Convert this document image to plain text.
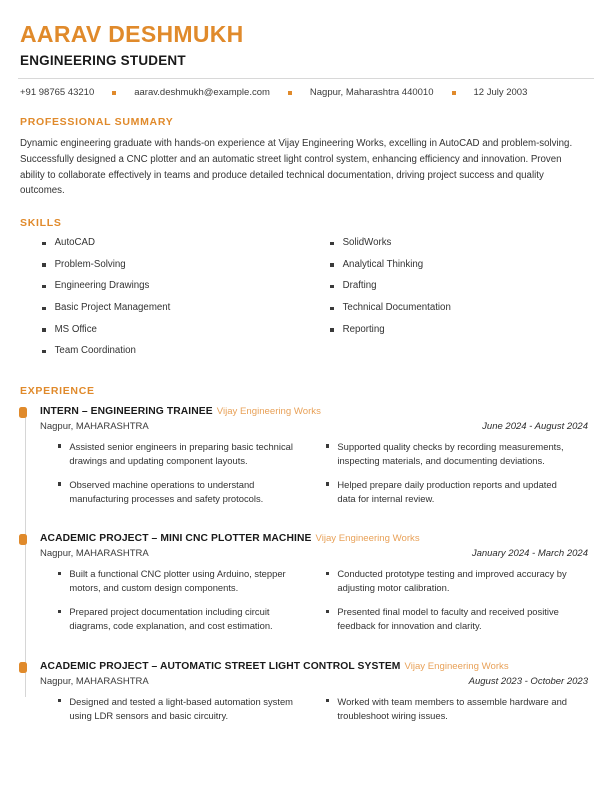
AARAV DESHMUKH
ENGINEERING STUDENT
+91 98765 43210	aarav.deshmukh@example.com	Nagpur, Maharashtra 440010	12 July 2003
PROFESSIONAL SUMMARY
Dynamic engineering graduate with hands-on experience at Vijay Engineering Works, excelling in AutoCAD and problem-solving. Successfully designed a CNC plotter and an automatic street light control system, enhancing efficiency and innovation. Proven ability to collaborate effectively in teams and produce detailed technical documentation, driving project success and quality outcomes.
SKILLS
AutoCAD
Problem-Solving
Engineering Drawings
Basic Project Management
MS Office
Team Coordination
SolidWorks
Analytical Thinking
Drafting
Technical Documentation
Reporting
EXPERIENCE
INTERN – ENGINEERING TRAINEE Vijay Engineering Works
Nagpur, MAHARASHTRA	June 2024 - August 2024
Assisted senior engineers in preparing basic technical drawings and updating component layouts.
Observed machine operations to understand manufacturing processes and safety protocols.
Supported quality checks by recording measurements, inspecting materials, and documenting deviations.
Helped prepare daily production reports and updated data for internal review.
ACADEMIC PROJECT – MINI CNC PLOTTER MACHINE Vijay Engineering Works
Nagpur, MAHARASHTRA	January 2024 - March 2024
Built a functional CNC plotter using Arduino, stepper motors, and custom design components.
Prepared project documentation including circuit diagrams, code explanation, and cost estimation.
Conducted prototype testing and improved accuracy by adjusting motor calibration.
Presented final model to faculty and received positive feedback for innovation and clarity.
ACADEMIC PROJECT – AUTOMATIC STREET LIGHT CONTROL SYSTEM Vijay Engineering Works
Nagpur, MAHARASHTRA	August 2023 - October 2023
Designed and tested a light-based automation system using LDR sensors and basic circuitry.
Worked with team members to assemble hardware and troubleshoot wiring issues.
